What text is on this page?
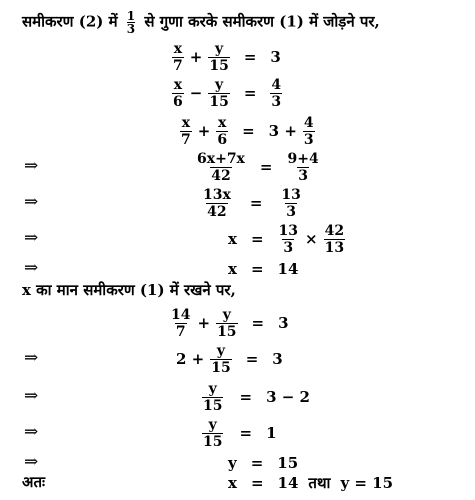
समीकरण (2) में $\frac{1}{3}$ से गुणा करके समीकरण (1) में जोड़ने पर,
$\frac{x}{7} + \frac{y}{15} = 3$
$\frac{x}{6} - \frac{y}{15} = \frac{4}{3}$
$\frac{x}{7} + \frac{x}{6} = 3 + \frac{4}{3}$
⇒	$\frac{6x+7x}{42} = \frac{9+4}{3}$
⇒	$\frac{13x}{42} = \frac{13}{3}$
⇒	$x = \frac{13}{3} \times \frac{42}{13}$
⇒	x = 14
x का मान समीकरण (1) में रखने पर,
$\frac{14}{7} + \frac{y}{15} = 3$
⇒	$2 + \frac{y}{15} = 3$
⇒	$\frac{y}{15} = 3 - 2$
⇒	$\frac{y}{15} = 1$
⇒	y = 15
अतः	x = 14 तथा y = 15
